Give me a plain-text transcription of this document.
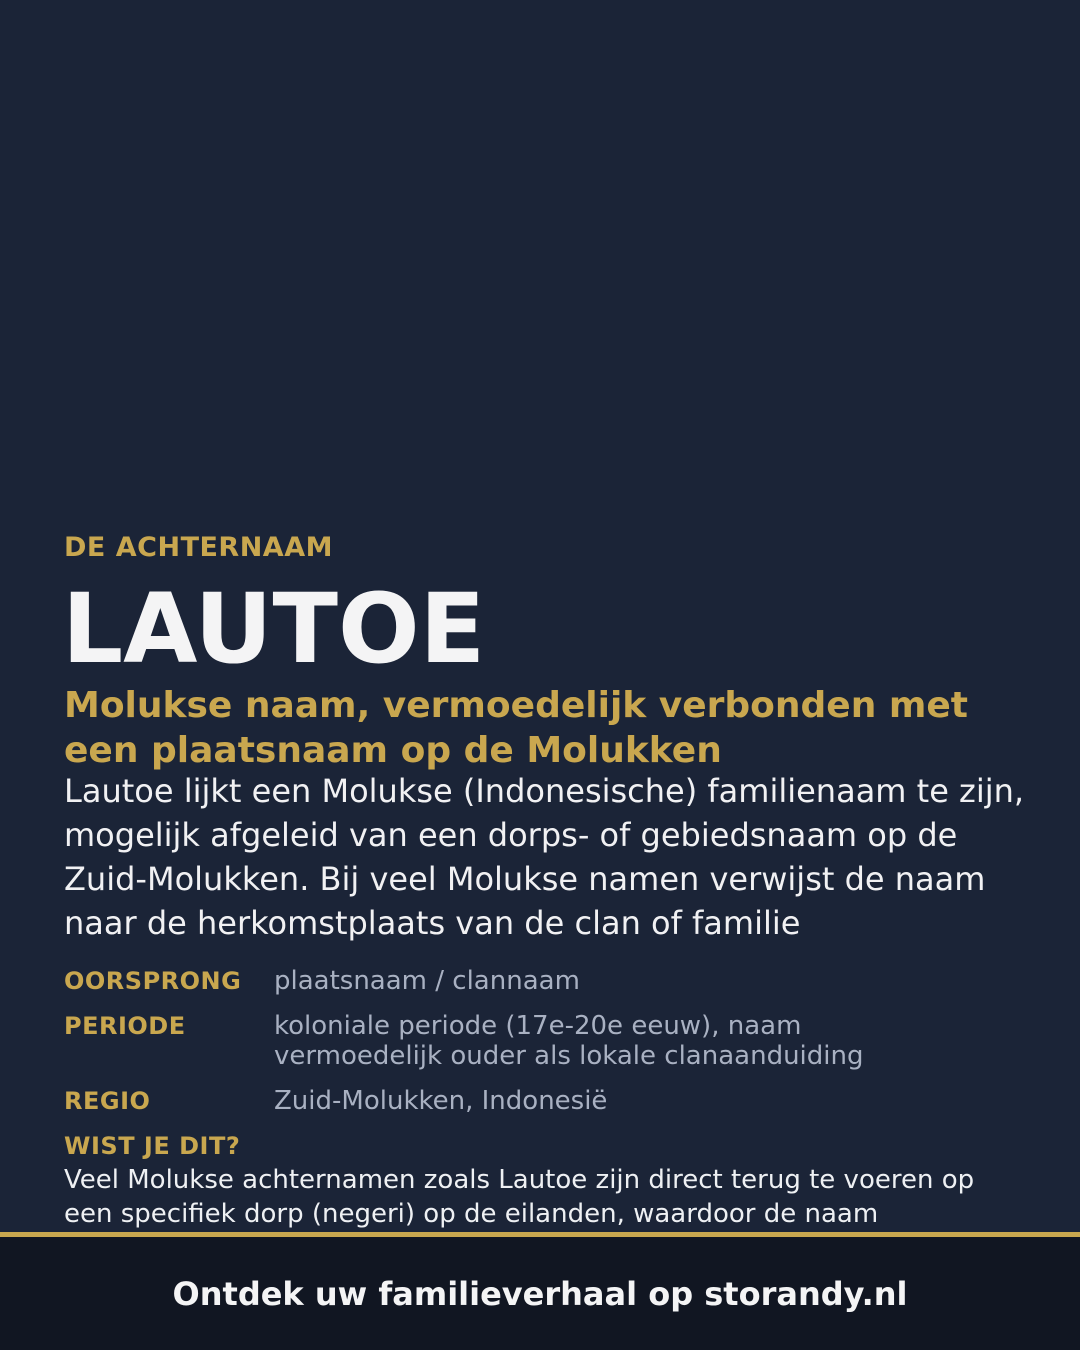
DE ACHTERNAAM
LAUTOE
Molukse naam, vermoedelijk verbonden met een plaatsnaam op de Molukken
Lautoe lijkt een Molukse (Indonesische) familienaam te zijn, mogelijk afgeleid van een dorps- of gebiedsnaam op de Zuid-Molukken. Bij veel Molukse namen verwijst de naam naar de herkomstplaats van de clan of familie
OORSPRONG	plaatsnaam / clannaam
PERIODE	koloniale periode (17e-20e eeuw), naam vermoedelijk ouder als lokale clanaanduiding
REGIO	Zuid-Molukken, Indonesië
WIST JE DIT?
Veel Molukse achternamen zoals Lautoe zijn direct terug te voeren op een specifiek dorp (negeri) op de eilanden, waardoor de naam
Ontdek uw familieverhaal op storandy.nl
